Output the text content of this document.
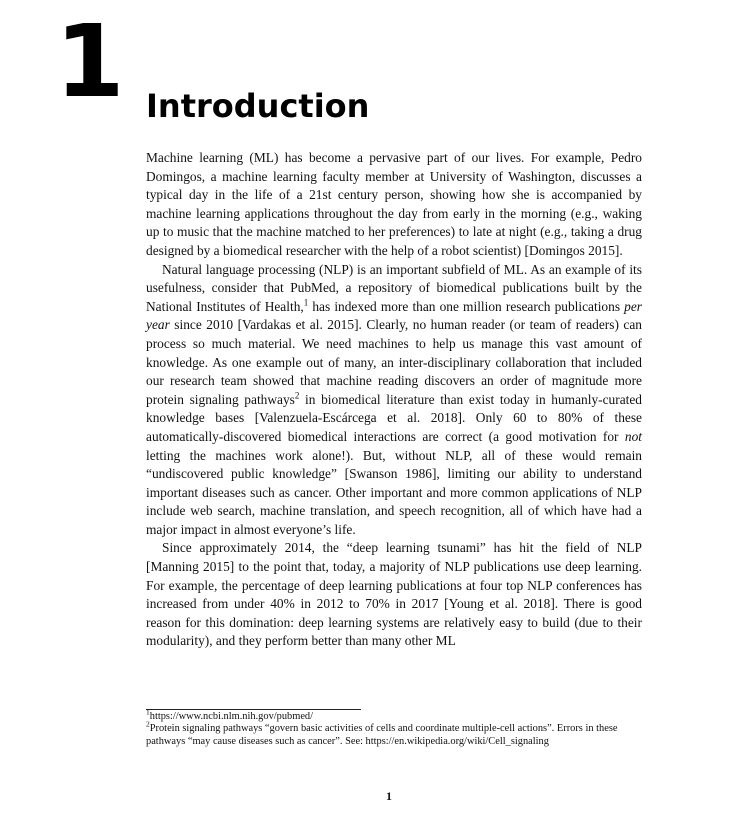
1 Introduction

Machine learning (ML) has become a pervasive part of our lives. For example, Pedro Domingos, a machine learning faculty member at University of Washington, discusses a typical day in the life of a 21st century person, showing how she is accompanied by machine learning applications throughout the day from early in the morning (e.g., waking up to music that the machine matched to her preferences) to late at night (e.g., taking a drug designed by a biomedical researcher with the help of a robot scientist) [Domingos 2015].

Natural language processing (NLP) is an important subfield of ML. As an example of its usefulness, consider that PubMed, a repository of biomedical publications built by the National Institutes of Health,$^1$ has indexed more than one million research publications per year since 2010 [Vardakas et al. 2015]. Clearly, no human reader (or team of readers) can process so much material. We need machines to help us manage this vast amount of knowledge. As one example out of many, an inter-disciplinary collaboration that included our research team showed that machine reading discovers an order of magnitude more protein signaling pathways$^2$ in biomedical literature than exist today in humanly-curated knowledge bases [Valenzuela-Escárcega et al. 2018]. Only 60 to 80% of these automatically-discovered biomedical interactions are correct (a good motivation for not letting the machines work alone!). But, without NLP, all of these would remain “undiscovered public knowledge” [Swanson 1986], limiting our ability to understand important diseases such as cancer. Other important and more common applications of NLP include web search, machine translation, and speech recognition, all of which have had a major impact in almost everyone’s life.

Since approximately 2014, the “deep learning tsunami” has hit the field of NLP [Manning 2015] to the point that, today, a majority of NLP publications use deep learning. For example, the percentage of deep learning publications at four top NLP conferences has increased from under 40% in 2012 to 70% in 2017 [Young et al. 2018]. There is good reason for this domination: deep learning systems are relatively easy to build (due to their modularity), and they perform better than many other ML

$^1$https://www.ncbi.nlm.nih.gov/pubmed/

$^2$Protein signaling pathways “govern basic activities of cells and coordinate multiple-cell actions”. Errors in these pathways “may cause diseases such as cancer”. See: https://en.wikipedia.org/wiki/Cell_signaling

1
